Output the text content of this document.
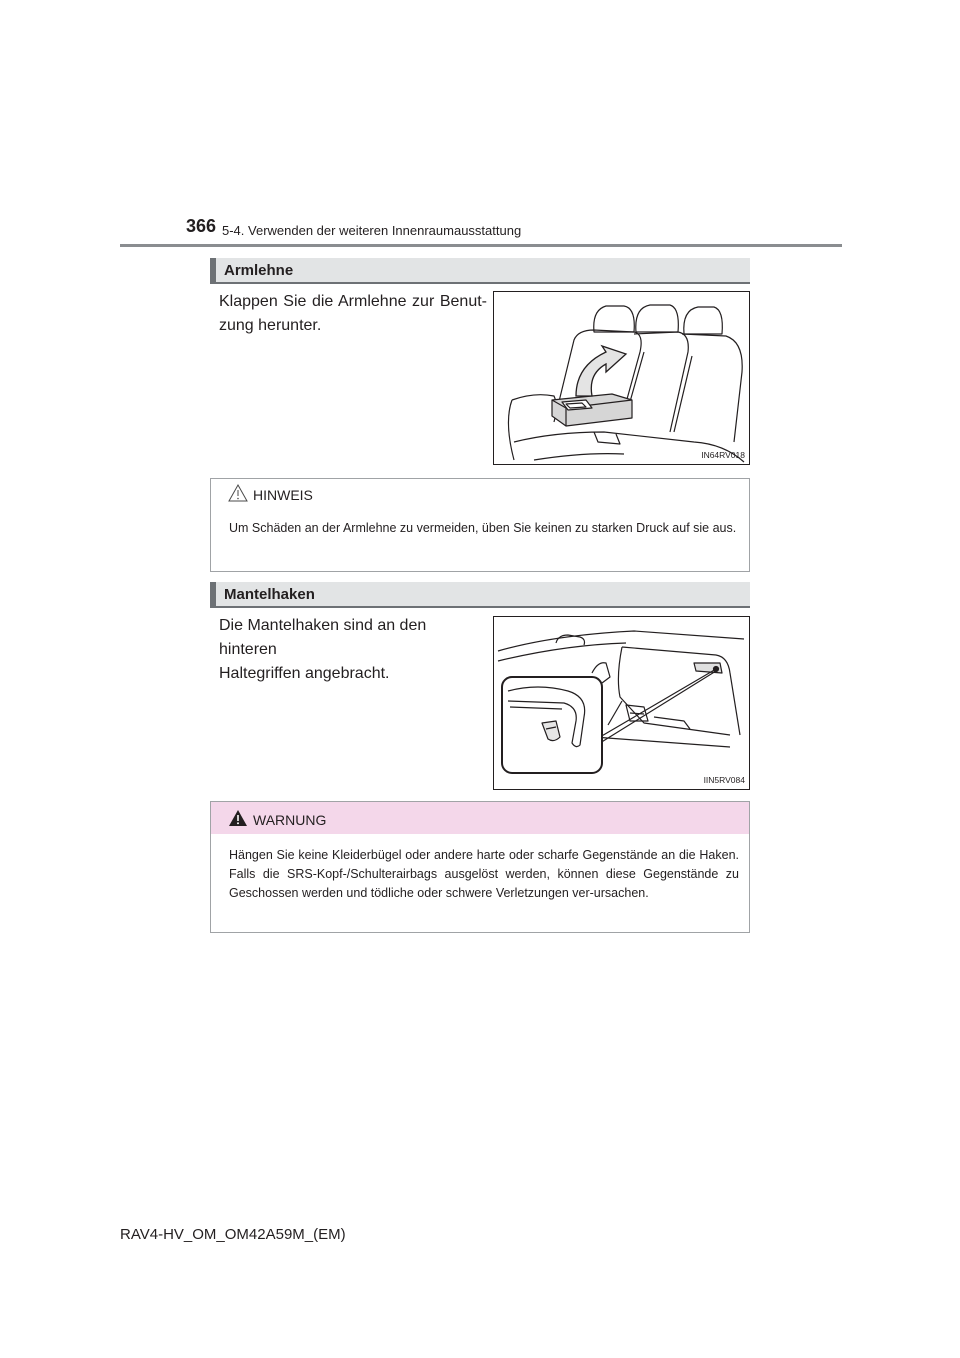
366 5-4. Verwenden der weiteren Innenraumausstattung
Armlehne
Klappen Sie die Armlehne zur Benut-
zung herunter.
IN64RV018
HINWEIS
Um Schäden an der Armlehne zu vermeiden, üben Sie keinen zu starken Druck auf sie aus.
Mantelhaken
Die Mantelhaken sind an den hinteren
Haltegriffen angebracht.
IIN5RV084
WARNUNG
Hängen Sie keine Kleiderbügel oder andere harte oder scharfe Gegenstände an die Haken. Falls die SRS-Kopf-/Schulterairbags ausgelöst werden, können diese Gegenstände zu Geschossen werden und tödliche oder schwere Verletzungen ver-ursachen.
RAV4-HV_OM_OM42A59M_(EM)
